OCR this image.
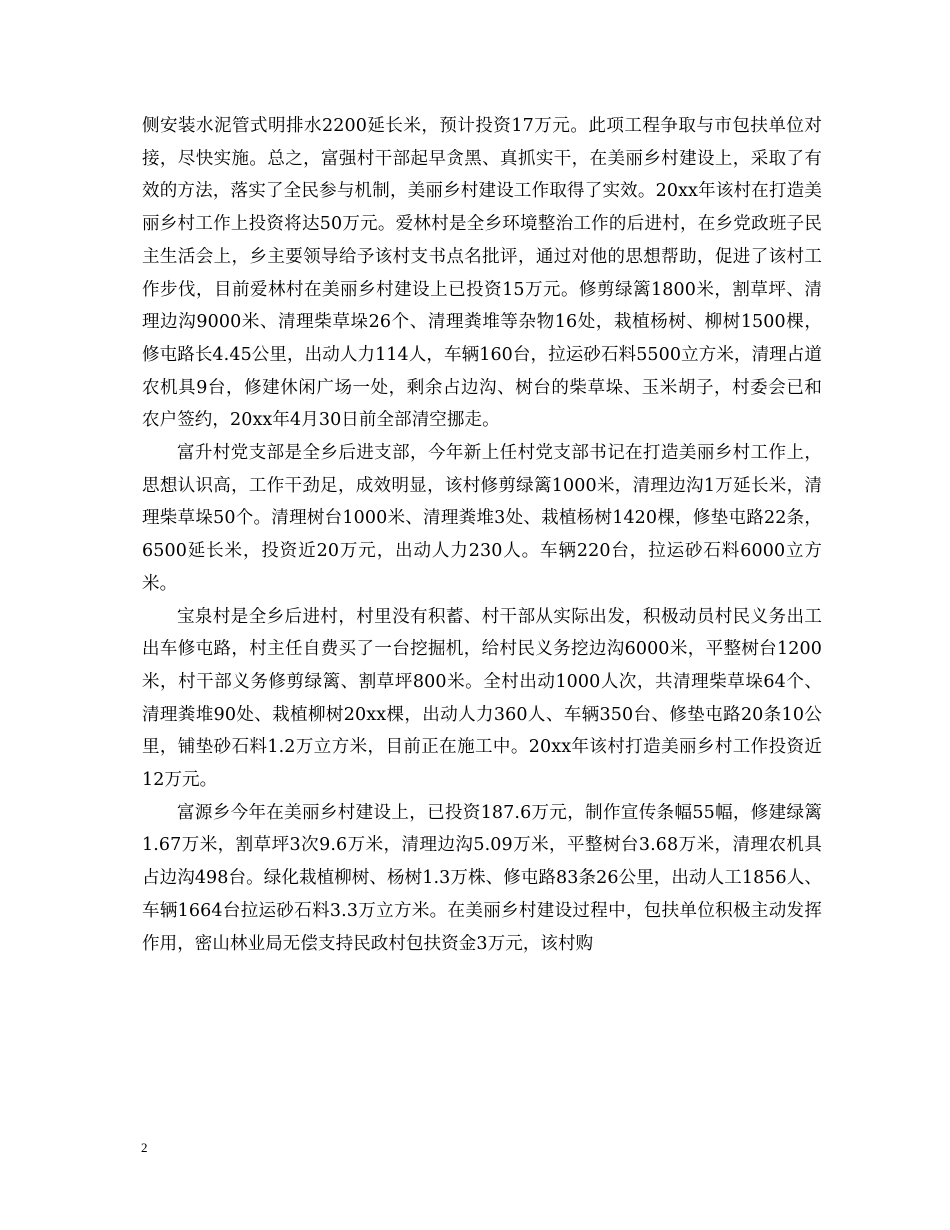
侧安装水泥管式明排水2200延长米，预计投资17万元。此项工程争取与市包扶单位对接，尽快实施。总之，富强村干部起早贪黑、真抓实干，在美丽乡村建设上，采取了有效的方法，落实了全民参与机制，美丽乡村建设工作取得了实效。20xx年该村在打造美丽乡村工作上投资将达50万元。爱林村是全乡环境整治工作的后进村，在乡党政班子民主生活会上，乡主要领导给予该村支书点名批评，通过对他的思想帮助，促进了该村工作步伐，目前爱林村在美丽乡村建设上已投资15万元。修剪绿篱1800米，割草坪、清理边沟9000米、清理柴草垛26个、清理粪堆等杂物16处，栽植杨树、柳树1500棵，修屯路长4.45公里，出动人力114人，车辆160台，拉运砂石料5500立方米，清理占道农机具9台，修建休闲广场一处，剩余占边沟、树台的柴草垛、玉米胡子，村委会已和农户签约，20xx年4月30日前全部清空挪走。

富升村党支部是全乡后进支部，今年新上任村党支部书记在打造美丽乡村工作上，思想认识高，工作干劲足，成效明显，该村修剪绿篱1000米，清理边沟1万延长米，清理柴草垛50个。清理树台1000米、清理粪堆3处、栽植杨树1420棵，修垫屯路22条，6500延长米，投资近20万元，出动人力230人。车辆220台，拉运砂石料6000立方米。

宝泉村是全乡后进村，村里没有积蓄、村干部从实际出发，积极动员村民义务出工出车修屯路，村主任自费买了一台挖掘机，给村民义务挖边沟6000米，平整树台1200米，村干部义务修剪绿篱、割草坪800米。全村出动1000人次，共清理柴草垛64个、清理粪堆90处、栽植柳树20xx棵，出动人力360人、车辆350台、修垫屯路20条10公里，铺垫砂石料1.2万立方米，目前正在施工中。20xx年该村打造美丽乡村工作投资近12万元。

富源乡今年在美丽乡村建设上，已投资187.6万元，制作宣传条幅55幅，修建绿篱1.67万米，割草坪3次9.6万米，清理边沟5.09万米，平整树台3.68万米，清理农机具占边沟498台。绿化栽植柳树、杨树1.3万株、修屯路83条26公里，出动人工1856人、车辆1664台拉运砂石料3.3万立方米。在美丽乡村建设过程中，包扶单位积极主动发挥作用，密山林业局无偿支持民政村包扶资金3万元，该村购

2
